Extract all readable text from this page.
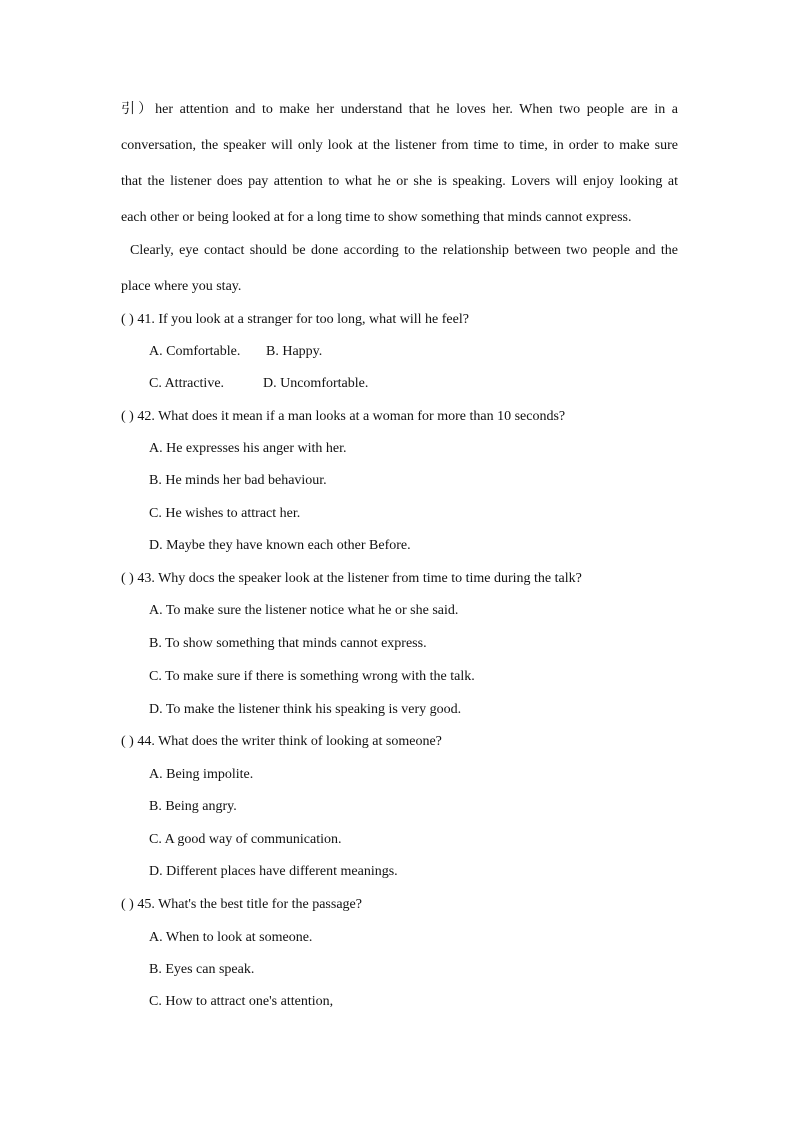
引）her attention and to make her understand that he loves her. When two people are in a
conversation, the speaker will only look at the listener from time to time, in order to make sure
that the listener does pay attention to what he or she is speaking. Lovers will enjoy looking at
each other or being looked at for a long time to show something that minds cannot express.
Clearly, eye contact should be done according to the relationship between two people and the
place where you stay.
( ) 41. If you look at a stranger for too long, what will he feel?
A. Comfortable. B. Happy.
C. Attractive.	D. Uncomfortable.
( ) 42. What does it mean if a man looks at a woman for more than 10 seconds?
A. He expresses his anger with her.
B. He minds her bad behaviour.
C. He wishes to attract her.
D. Maybe they have known each other Before.
( ) 43. Why docs the speaker look at the listener from time to time during the talk?
A. To make sure the listener notice what he or she said.
B. To show something that minds cannot express.
C. To make sure if there is something wrong with the talk.
D. To make the listener think his speaking is very good.
( ) 44. What does the writer think of looking at someone?
A. Being impolite.
B. Being angry.
C. A good way of communication.
D. Different places have different meanings.
( ) 45. What's the best title for the passage?
A. When to look at someone.
B. Eyes can speak.
C. How to attract one's attention,
